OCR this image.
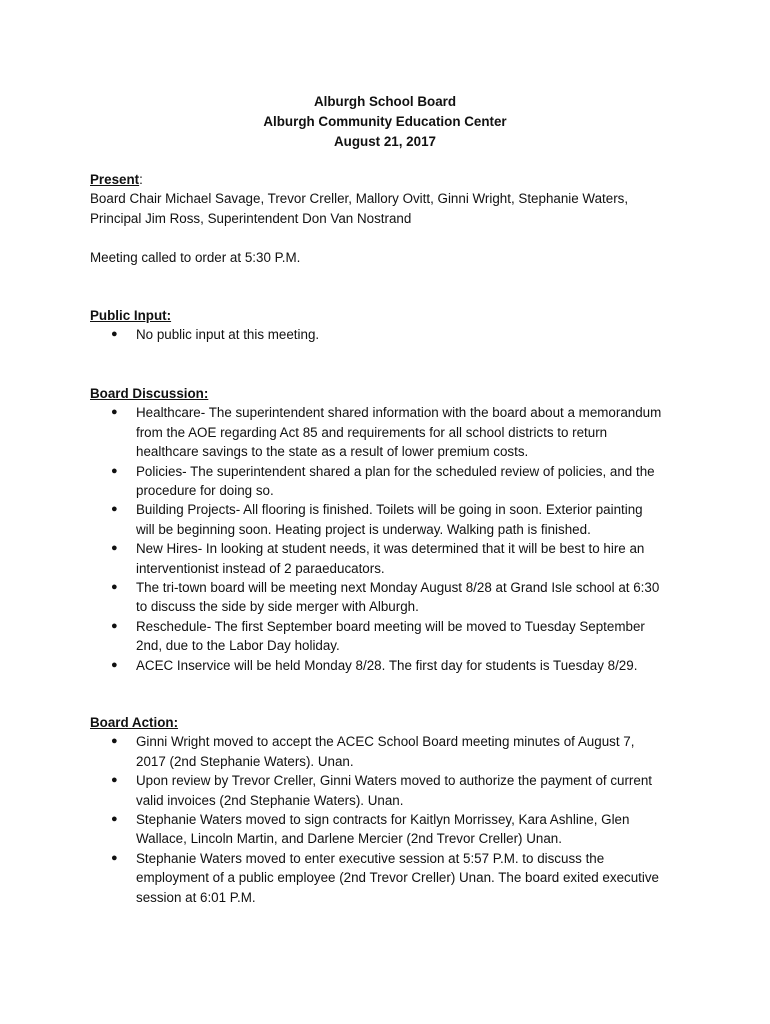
Alburgh School Board
Alburgh Community Education Center
August 21, 2017
Present:
Board Chair Michael Savage, Trevor Creller, Mallory Ovitt, Ginni Wright, Stephanie Waters,
Principal Jim Ross, Superintendent Don Van Nostrand
Meeting called to order at 5:30 P.M.
Public Input:
● No public input at this meeting.
Board Discussion:
● Healthcare- The superintendent shared information with the board about a memorandum
from the AOE regarding Act 85 and requirements for all school districts to return
healthcare savings to the state as a result of lower premium costs.
● Policies- The superintendent shared a plan for the scheduled review of policies, and the
procedure for doing so.
● Building Projects- All flooring is finished. Toilets will be going in soon. Exterior painting
will be beginning soon. Heating project is underway. Walking path is finished.
● New Hires- In looking at student needs, it was determined that it will be best to hire an
interventionist instead of 2 paraeducators.
● The tri-town board will be meeting next Monday August 8/28 at Grand Isle school at 6:30
to discuss the side by side merger with Alburgh.
● Reschedule- The first September board meeting will be moved to Tuesday September
2nd, due to the Labor Day holiday.
● ACEC Inservice will be held Monday 8/28. The first day for students is Tuesday 8/29.
Board Action:
● Ginni Wright moved to accept the ACEC School Board meeting minutes of August 7,
2017 (2nd Stephanie Waters). Unan.
● Upon review by Trevor Creller, Ginni Waters moved to authorize the payment of current
valid invoices (2nd Stephanie Waters). Unan.
● Stephanie Waters moved to sign contracts for Kaitlyn Morrissey, Kara Ashline, Glen
Wallace, Lincoln Martin, and Darlene Mercier (2nd Trevor Creller) Unan.
● Stephanie Waters moved to enter executive session at 5:57 P.M. to discuss the
employment of a public employee (2nd Trevor Creller) Unan. The board exited executive
session at 6:01 P.M.
